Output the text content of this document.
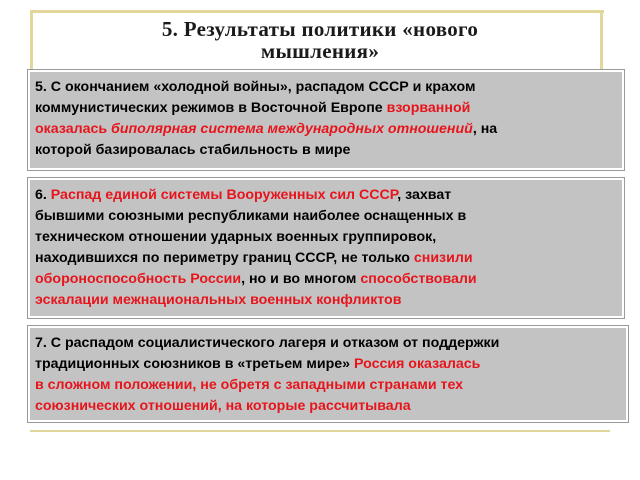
5. Результаты политики «нового
мышления»
5. С окончанием «холодной войны», распадом СССР и крахом
коммунистических режимов в Восточной Европе взорванной
оказалась биполярная система международных отношений, на
которой базировалась стабильность в мире
6. Распад единой системы Вооруженных сил СССР, захват
бывшими союзными республиками наиболее оснащенных в
техническом отношении ударных военных группировок,
находившихся по периметру границ СССР, не только снизили
обороноспособность России, но и во многом способствовали
эскалации межнациональных военных конфликтов
7. С распадом социалистического лагеря и отказом от поддержки
традиционных союзников в «третьем мире» Россия оказалась
в сложном положении, не обретя с западными странами тех
союзнических отношений, на которые рассчитывала
